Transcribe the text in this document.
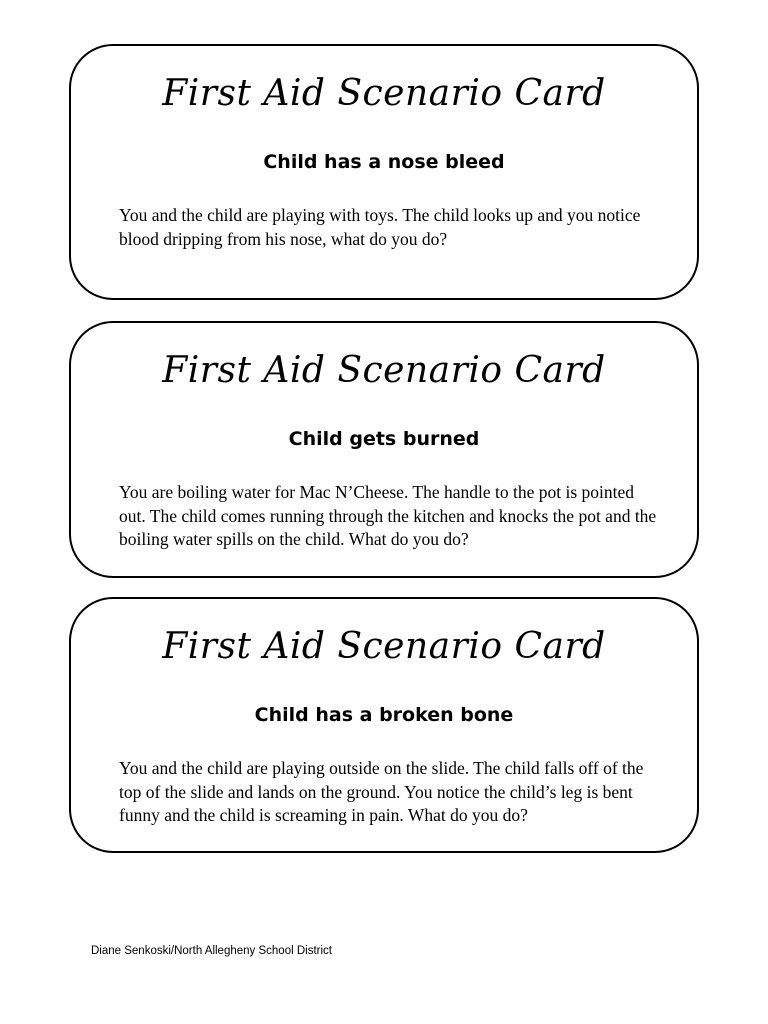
First Aid Scenario Card
Child has a nose bleed
You and the child are playing with toys. The child looks up and you notice blood dripping from his nose, what do you do?
First Aid Scenario Card
Child gets burned
You are boiling water for Mac N’Cheese. The handle to the pot is pointed out. The child comes running through the kitchen and knocks the pot and the boiling water spills on the child. What do you do?
First Aid Scenario Card
Child has a broken bone
You and the child are playing outside on the slide. The child falls off of the top of the slide and lands on the ground. You notice the child’s leg is bent funny and the child is screaming in pain. What do you do?
Diane Senkoski/North Allegheny School District
